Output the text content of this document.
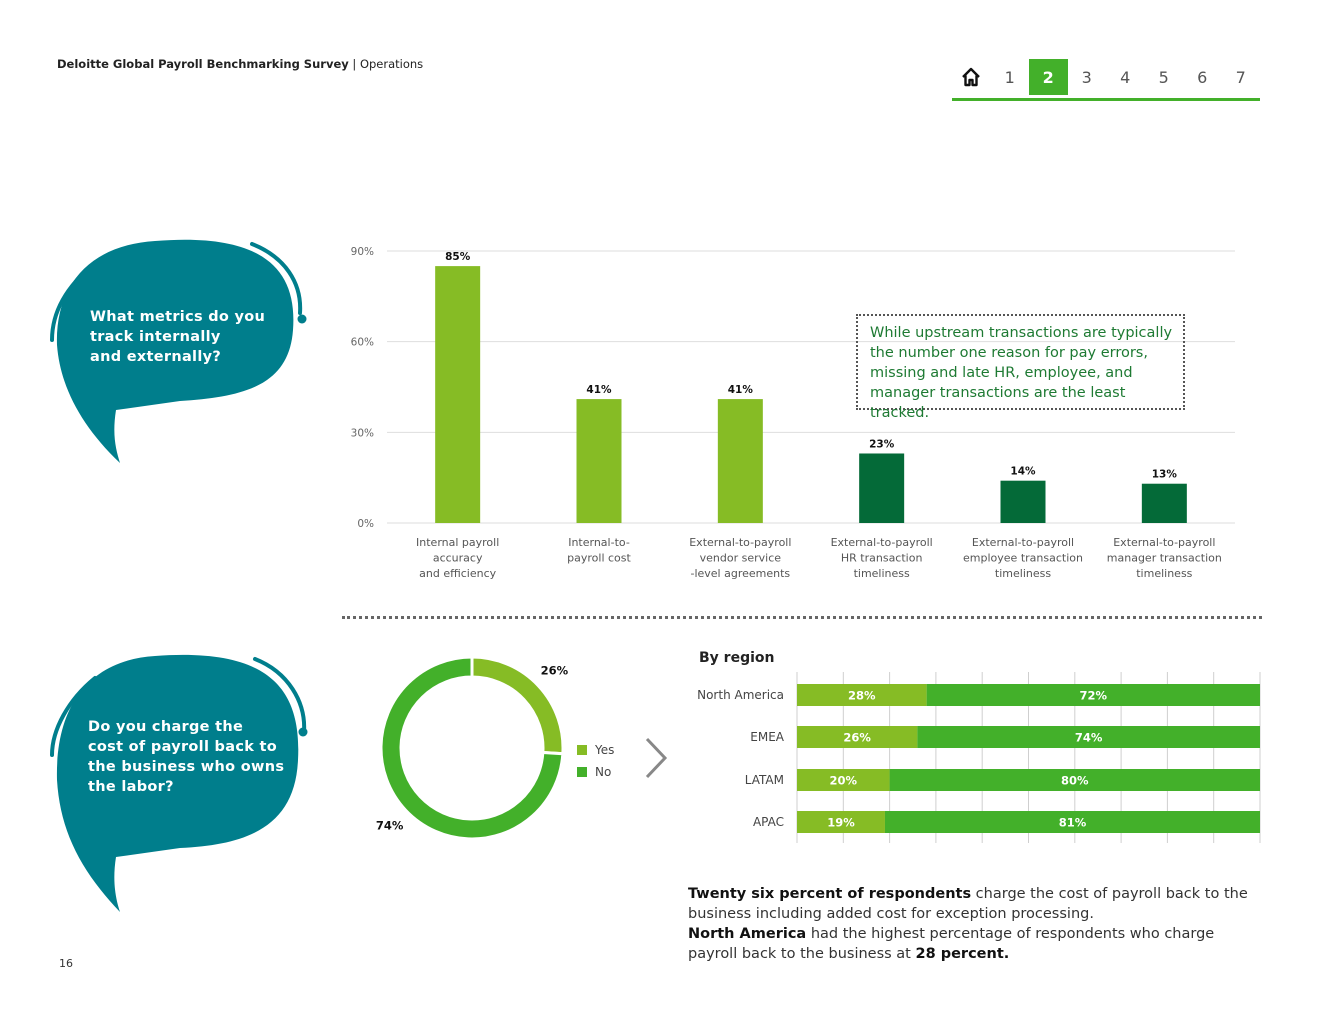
Deloitte Global Payroll Benchmarking Survey | Operations
1	2	3	4	5	6	7
What metrics do you
track internally
and externally?
Do you charge the
cost of payroll back to
the business who owns
the labor?
0%
30%
60%
90%	85%
Internal payroll
accuracy
and efficiency
41%
Internal-to-
payroll cost
41%
External-to-payroll
vendor service
-level agreements
23%
External-to-payroll
HR transaction
timeliness
14%
External-to-payroll
employee transaction
timeliness
13%
External-to-payroll
manager transaction
timeliness
While upstream transactions are typically the number one reason for pay errors, missing and late HR, employee, and manager transactions are the least tracked.
26%
74%
Yes
No
By region
North America	28%	72%
EMEA	26%	74%
LATAM	20%	80%
APAC	19%	81%
Twenty six percent of respondents charge the cost of payroll back to the business including added cost for exception processing.
North America had the highest percentage of respondents who charge payroll back to the business at 28 percent.
16
